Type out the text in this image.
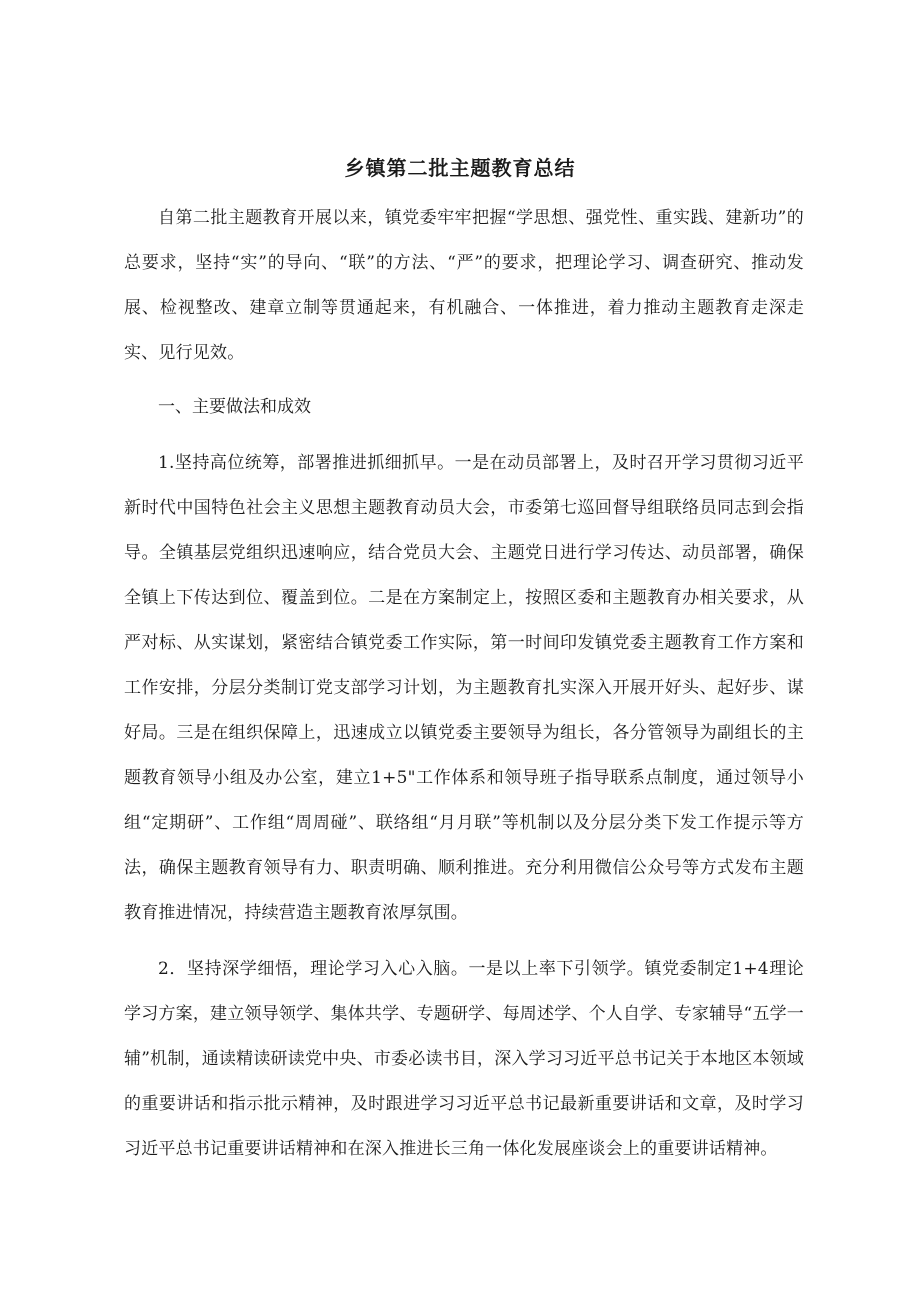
乡镇第二批主题教育总结

自第二批主题教育开展以来，镇党委牢牢把握“学思想、强党性、重实践、建新功”的总要求，坚持“实”的导向、“联”的方法、“严”的要求，把理论学习、调查研究、推动发展、检视整改、建章立制等贯通起来，有机融合、一体推进，着力推动主题教育走深走实、见行见效。

一、主要做法和成效

1.坚持高位统筹，部署推进抓细抓早。一是在动员部署上，及时召开学习贯彻习近平新时代中国特色社会主义思想主题教育动员大会，市委第七巡回督导组联络员同志到会指导。全镇基层党组织迅速响应，结合党员大会、主题党日进行学习传达、动员部署，确保全镇上下传达到位、覆盖到位。二是在方案制定上，按照区委和主题教育办相关要求，从严对标、从实谋划，紧密结合镇党委工作实际，第一时间印发镇党委主题教育工作方案和工作安排，分层分类制订党支部学习计划，为主题教育扎实深入开展开好头、起好步、谋好局。三是在组织保障上，迅速成立以镇党委主要领导为组长，各分管领导为副组长的主题教育领导小组及办公室，建立1+5"工作体系和领导班子指导联系点制度，通过领导小组“定期研”、工作组“周周碰”、联络组“月月联”等机制以及分层分类下发工作提示等方法，确保主题教育领导有力、职责明确、顺利推进。充分利用微信公众号等方式发布主题教育推进情况，持续营造主题教育浓厚氛围。

2．坚持深学细悟，理论学习入心入脑。一是以上率下引领学。镇党委制定1+4理论学习方案，建立领导领学、集体共学、专题研学、每周述学、个人自学、专家辅导“五学一辅”机制，通读精读研读党中央、市委必读书目，深入学习习近平总书记关于本地区本领域的重要讲话和指示批示精神，及时跟进学习习近平总书记最新重要讲话和文章，及时学习习近平总书记重要讲话精神和在深入推进长三角一体化发展座谈会上的重要讲话精神。
